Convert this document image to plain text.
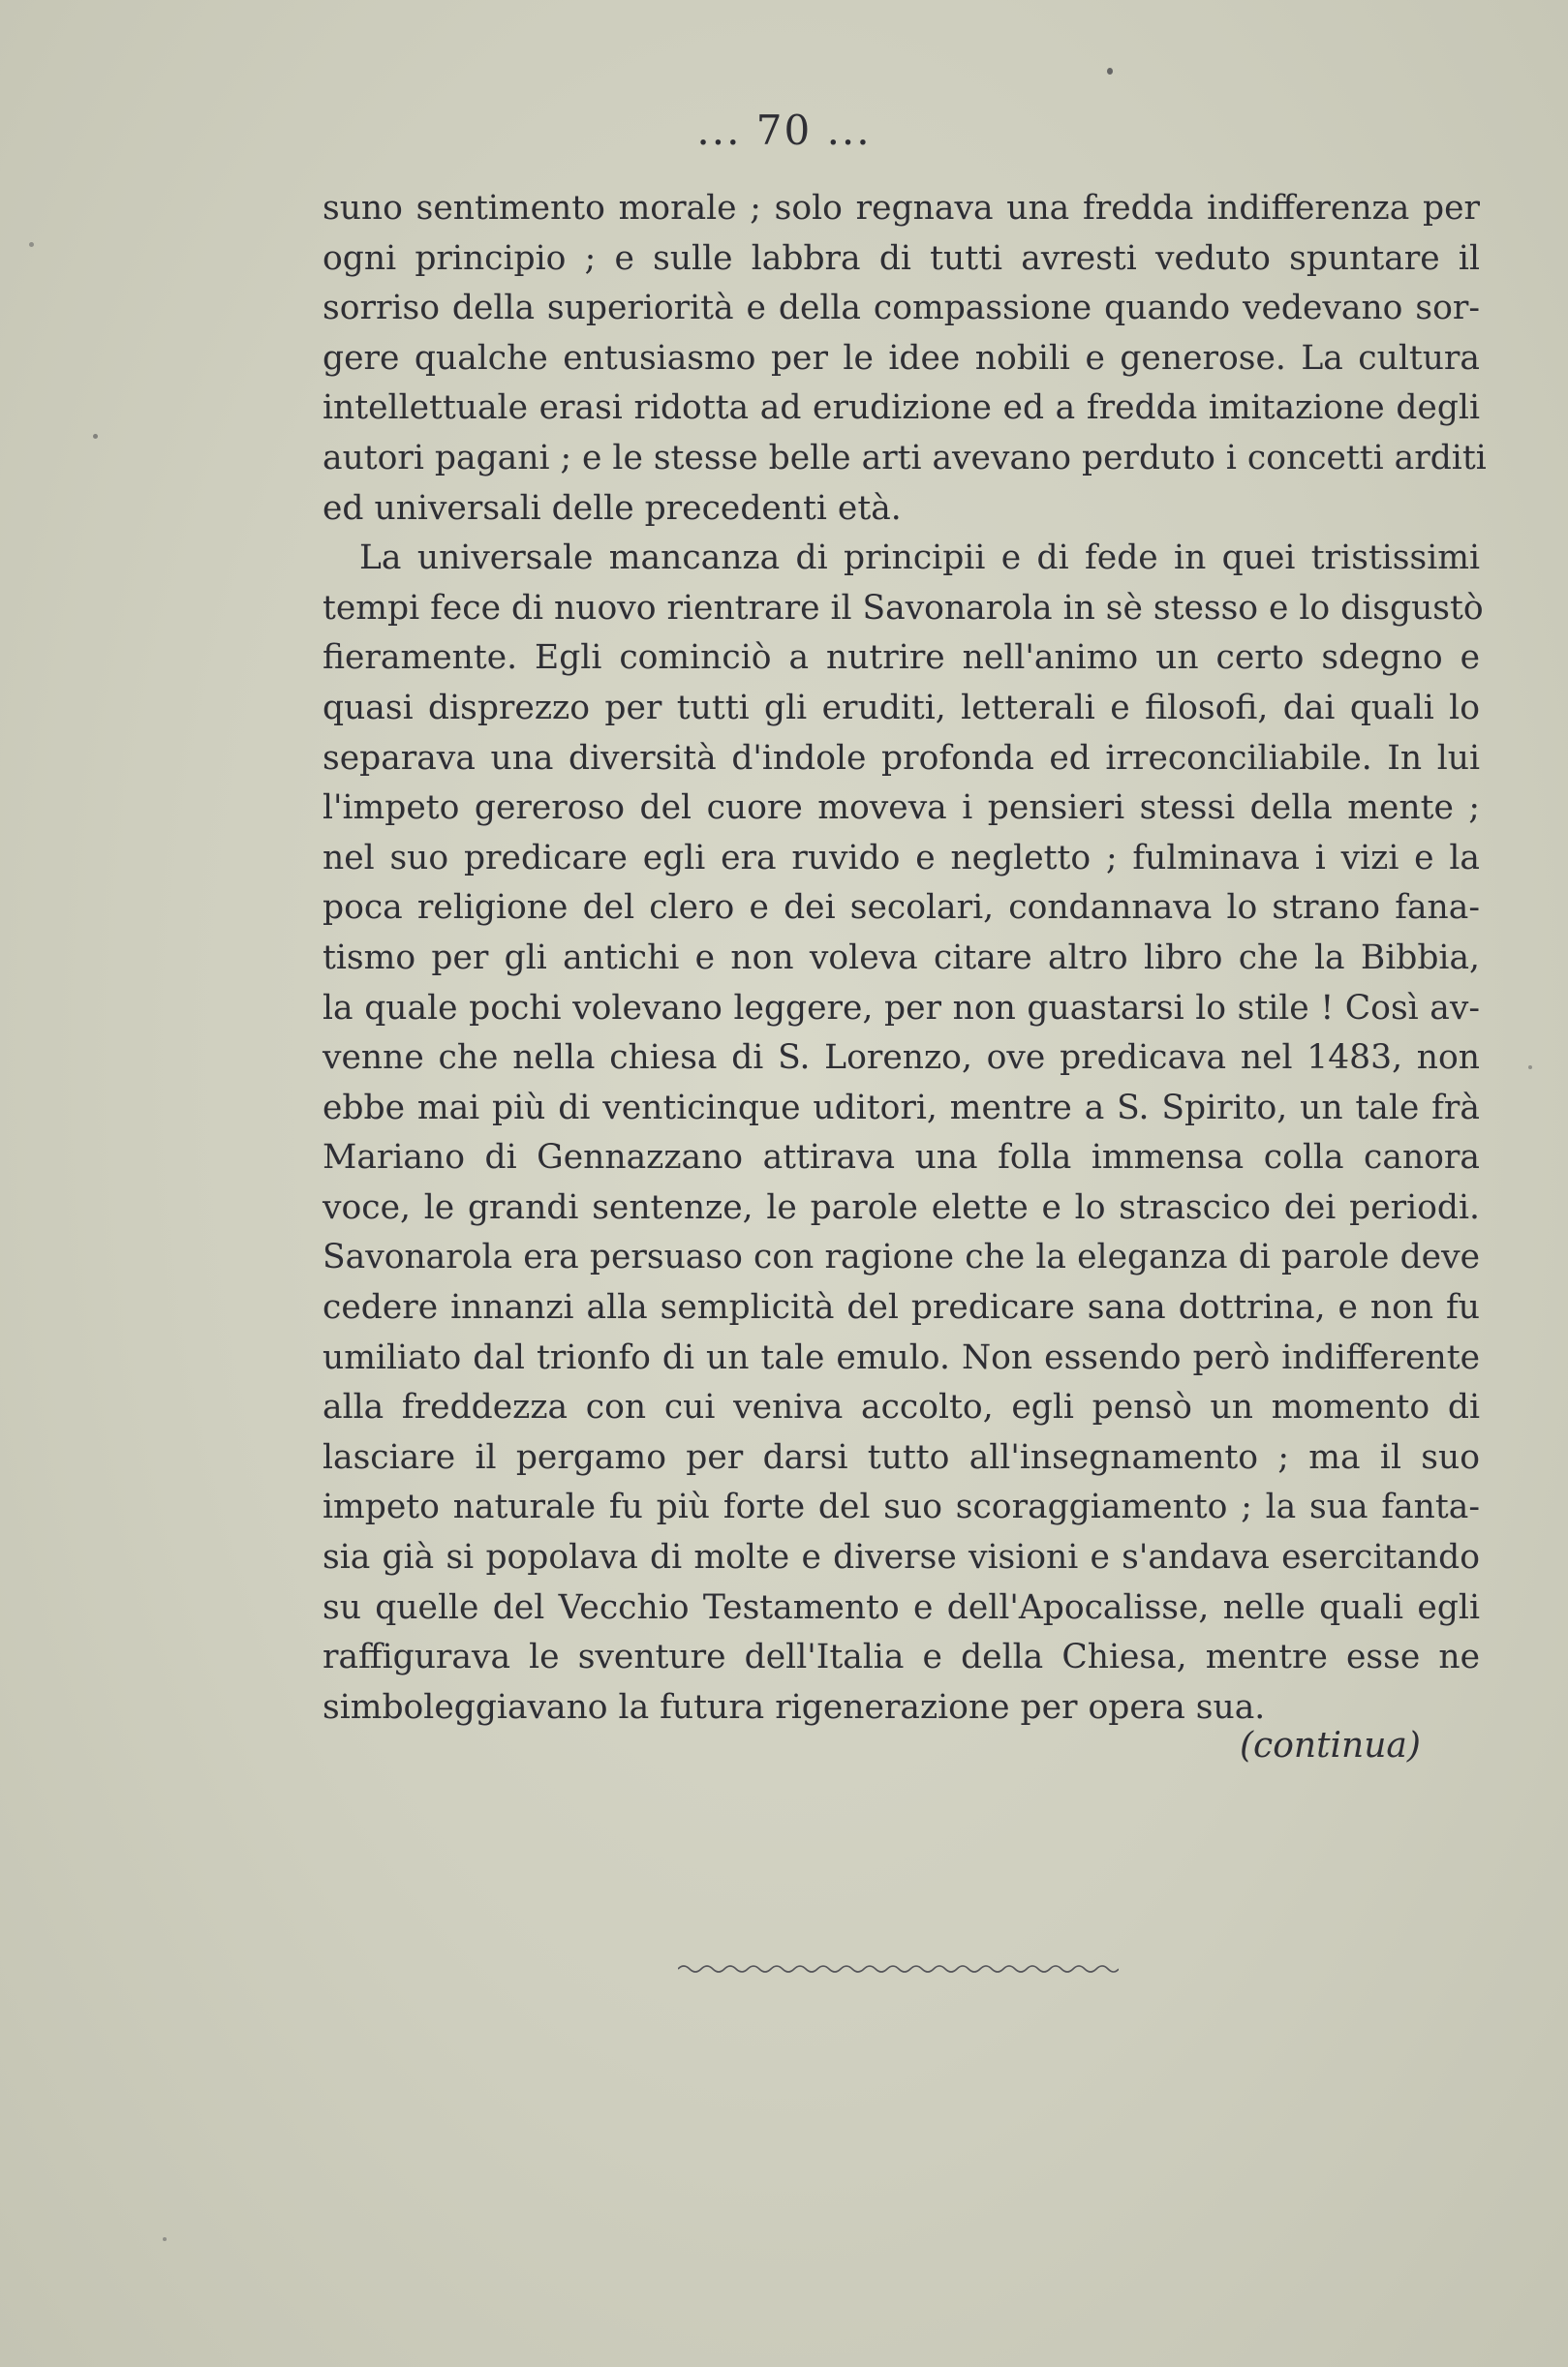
... 70 ...
suno sentimento morale ; solo regnava una fredda indifferenza per
ogni principio ; e sulle labbra di tutti avresti veduto spuntare il
sorriso della superiorità e della compassione quando vedevano sor-
gere qualche entusiasmo per le idee nobili e generose. La cultura
intellettuale erasi ridotta ad erudizione ed a fredda imitazione degli
autori pagani ; e le stesse belle arti avevano perduto i concetti arditi
ed universali delle precedenti età.
La universale mancanza di principii e di fede in quei tristissimi
tempi fece di nuovo rientrare il Savonarola in sè stesso e lo disgustò
fieramente. Egli cominciò a nutrire nell'animo un certo sdegno e
quasi disprezzo per tutti gli eruditi, letterali e filosofi, dai quali lo
separava una diversità d'indole profonda ed irreconciliabile. In lui
l'impeto gereroso del cuore moveva i pensieri stessi della mente ;
nel suo predicare egli era ruvido e negletto ; fulminava i vizi e la
poca religione del clero e dei secolari, condannava lo strano fana-
tismo per gli antichi e non voleva citare altro libro che la Bibbia,
la quale pochi volevano leggere, per non guastarsi lo stile ! Così av-
venne che nella chiesa di S. Lorenzo, ove predicava nel 1483, non
ebbe mai più di venticinque uditori, mentre a S. Spirito, un tale frà
Mariano di Gennazzano attirava una folla immensa colla canora
voce, le grandi sentenze, le parole elette e lo strascico dei periodi.
Savonarola era persuaso con ragione che la eleganza di parole deve
cedere innanzi alla semplicità del predicare sana dottrina, e non fu
umiliato dal trionfo di un tale emulo. Non essendo però indifferente
alla freddezza con cui veniva accolto, egli pensò un momento di
lasciare il pergamo per darsi tutto all'insegnamento ; ma il suo
impeto naturale fu più forte del suo scoraggiamento ; la sua fanta-
sia già si popolava di molte e diverse visioni e s'andava esercitando
su quelle del Vecchio Testamento e dell'Apocalisse, nelle quali egli
raffigurava le sventure dell'Italia e della Chiesa, mentre esse ne
simboleggiavano la futura rigenerazione per opera sua.
(continua)
